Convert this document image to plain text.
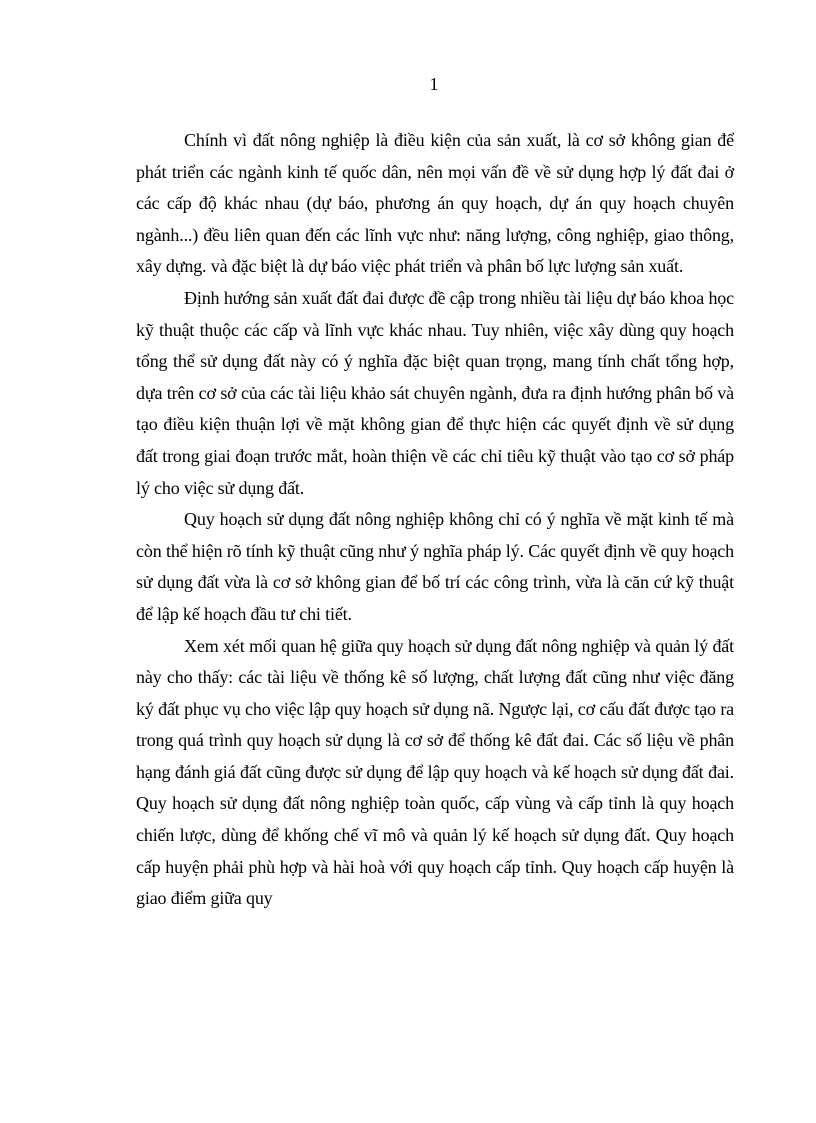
1

Chính vì đất nông nghiệp là điều kiện của sản xuất, là cơ sở không gian để phát triển các ngành kinh tế quốc dân, nên mọi vấn đề về sử dụng hợp lý đất đai ở các cấp độ khác nhau (dự báo, phương án quy hoạch, dự án quy hoạch chuyên ngành...) đều liên quan đến các lĩnh vực như: năng lượng, công nghiệp, giao thông, xây dựng. và đặc biệt là dự báo việc phát triển và phân bố lực lượng sản xuất.

Định hướng sản xuất đất đai được đề cập trong nhiều tài liệu dự báo khoa học kỹ thuật thuộc các cấp và lĩnh vực khác nhau. Tuy nhiên, việc xây dùng quy hoạch tổng thể sử dụng đất này có ý nghĩa đặc biệt quan trọng, mang tính chất tổng hợp, dựa trên cơ sở của các tài liệu khảo sát chuyên ngành, đưa ra định hướng phân bố và tạo điều kiện thuận lợi về mặt không gian để thực hiện các quyết định về sử dụng đất trong giai đoạn trước mắt, hoàn thiện về các chỉ tiêu kỹ thuật vào tạo cơ sở pháp lý cho việc sử dụng đất.

Quy hoạch sử dụng đất nông nghiệp không chỉ có ý nghĩa về mặt kinh tế mà còn thể hiện rõ tính kỹ thuật cũng như ý nghĩa pháp lý. Các quyết định về quy hoạch sử dụng đất vừa là cơ sở không gian để bố trí các công trình, vừa là căn cứ kỹ thuật để lập kế hoạch đầu tư chi tiết.

Xem xét mối quan hệ giữa quy hoạch sử dụng đất nông nghiệp và quản lý đất này cho thấy: các tài liệu về thống kê số lượng, chất lượng đất cũng như việc đăng ký đất phục vụ cho việc lập quy hoạch sử dụng nã. Ngược lại, cơ cấu đất được tạo ra trong quá trình quy hoạch sử dụng là cơ sở để thống kê đất đai. Các số liệu về phân hạng đánh giá đất cũng được sử dụng để lập quy hoạch và kế hoạch sử dụng đất đai. Quy hoạch sử dụng đất nông nghiệp toàn quốc, cấp vùng và cấp tỉnh là quy hoạch chiến lược, dùng để khống chế vĩ mô và quản lý kế hoạch sử dụng đất. Quy hoạch cấp huyện phải phù hợp và hài hoà với quy hoạch cấp tỉnh. Quy hoạch cấp huyện là giao điểm giữa quy
